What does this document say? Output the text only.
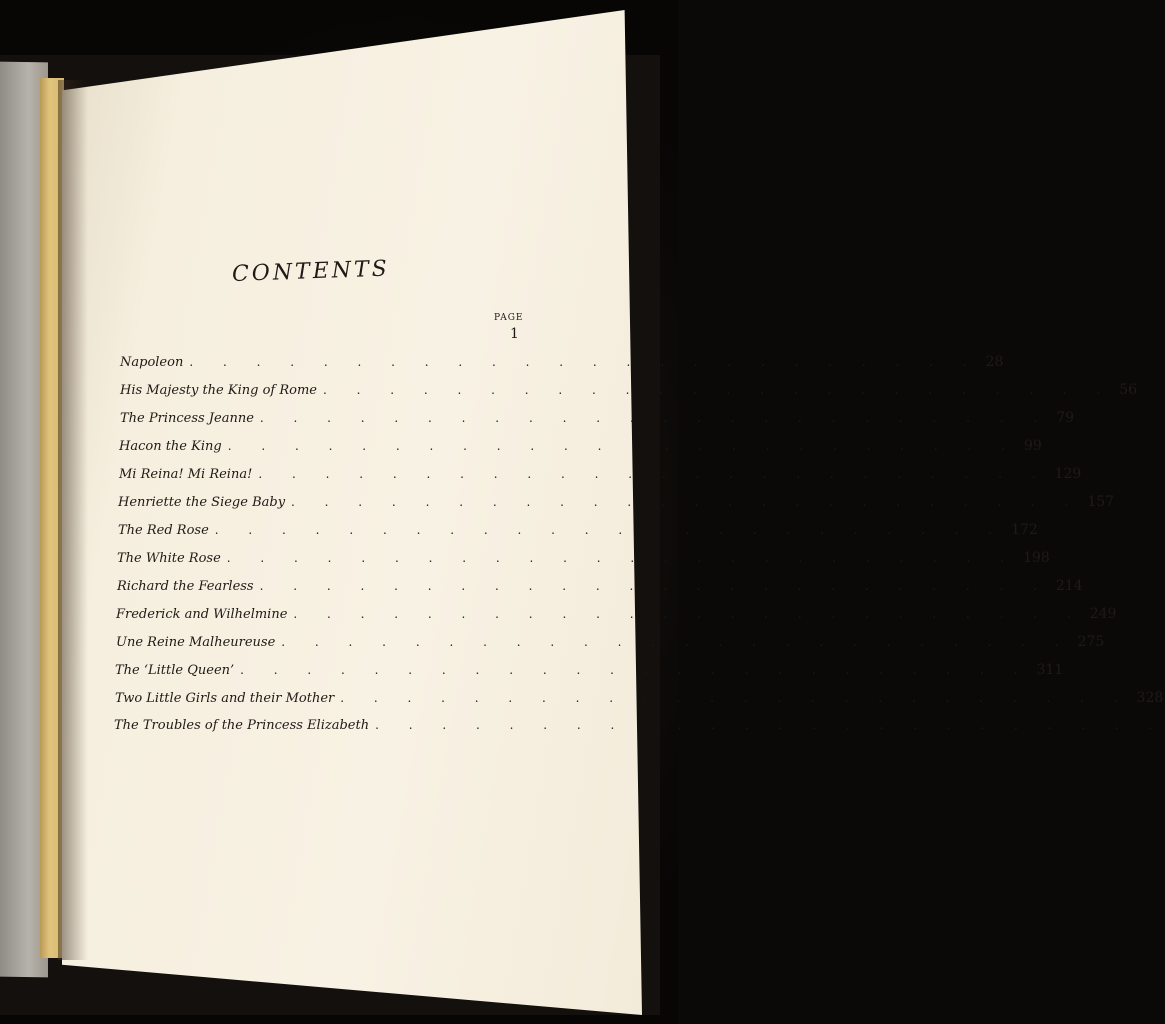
CONTENTS
PAGE
1
Napoleon . . . . . . . . . . . . . . . . . . . . . . . . 28
His Majesty the King of Rome . . . . . . . . . . . . . . . . . . . . . . . . 56
The Princess Jeanne . . . . . . . . . . . . . . . . . . . . . . . . 79
Hacon the King . . . . . . . . . . . . . . . . . . . . . . . . 99
Mi Reina! Mi Reina! . . . . . . . . . . . . . . . . . . . . . . . . 129
Henriette the Siege Baby . . . . . . . . . . . . . . . . . . . . . . . . 157
The Red Rose . . . . . . . . . . . . . . . . . . . . . . . . 172
The White Rose . . . . . . . . . . . . . . . . . . . . . . . . 198
Richard the Fearless . . . . . . . . . . . . . . . . . . . . . . . . 214
Frederick and Wilhelmine . . . . . . . . . . . . . . . . . . . . . . . . 249
Une Reine Malheureuse . . . . . . . . . . . . . . . . . . . . . . . . 275
The ‘Little Queen’ . . . . . . . . . . . . . . . . . . . . . . . . 311
Two Little Girls and their Mother . . . . . . . . . . . . . . . . . . . . . . . . 328
The Troubles of the Princess Elizabeth . . . . . . . . . . . . . . . . . . . . . . . .
